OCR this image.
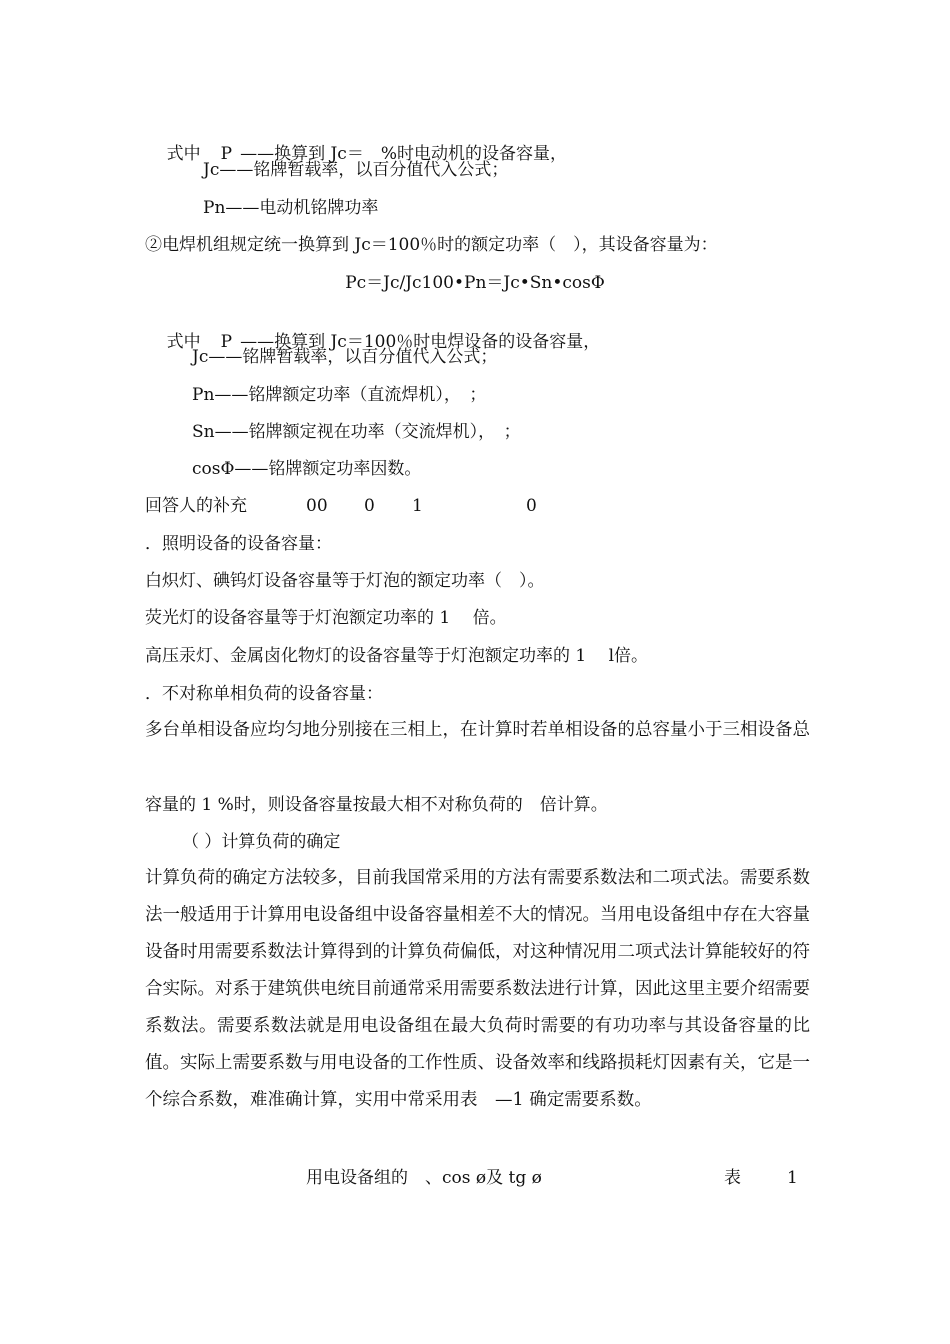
式中 P ——换算到 Jc＝　%时电动机的设备容量，

Jc——铭牌暂载率，以百分值代入公式；
Pn——电动机铭牌功率
②电焊机组规定统一换算到 Jc＝100％时的额定功率（　），其设备容量为：
Pc＝Jc/Jc100•Pn＝Jc•Sn•cosΦ

式中 P ——换算到 Jc＝100％时电焊设备的设备容量，

Jc——铭牌暂载率，以百分值代入公式；
Pn——铭牌额定功率（直流焊机），　；
Sn——铭牌额定视在功率（交流焊机），　；
cosΦ——铭牌额定功率因数。
回答人的补充	00 0 1	0
．照明设备的设备容量：
白炽灯、碘钨灯设备容量等于灯泡的额定功率（　）。
荧光灯的设备容量等于灯泡额定功率的 1　 倍。
高压汞灯、金属卤化物灯的设备容量等于灯泡额定功率的 1　 l倍。
．不对称单相负荷的设备容量：
多台单相设备应均匀地分别接在三相上，在计算时若单相设备的总容量小于三相设备总
容量的 1 %时，则设备容量按最大相不对称负荷的　倍计算。
（ ）计算负荷的确定
计算负荷的确定方法较多，目前我国常采用的方法有需要系数法和二项式法。需要系数法一般适用于计算用电设备组中设备容量相差不大的情况。当用电设备组中存在大容量设备时用需要系数法计算得到的计算负荷偏低，对这种情况用二项式法计算能较好的符合实际。对系于建筑供电统目前通常采用需要系数法进行计算，因此这里主要介绍需要系数法。需要系数法就是用电设备组在最大负荷时需要的有功功率与其设备容量的比值。实际上需要系数与用电设备的工作性质、设备效率和线路损耗灯因素有关，它是一个综合系数，难准确计算，实用中常采用表　—1 确定需要系数。
用电设备组的　、cos ø及 tg ø	表	1
